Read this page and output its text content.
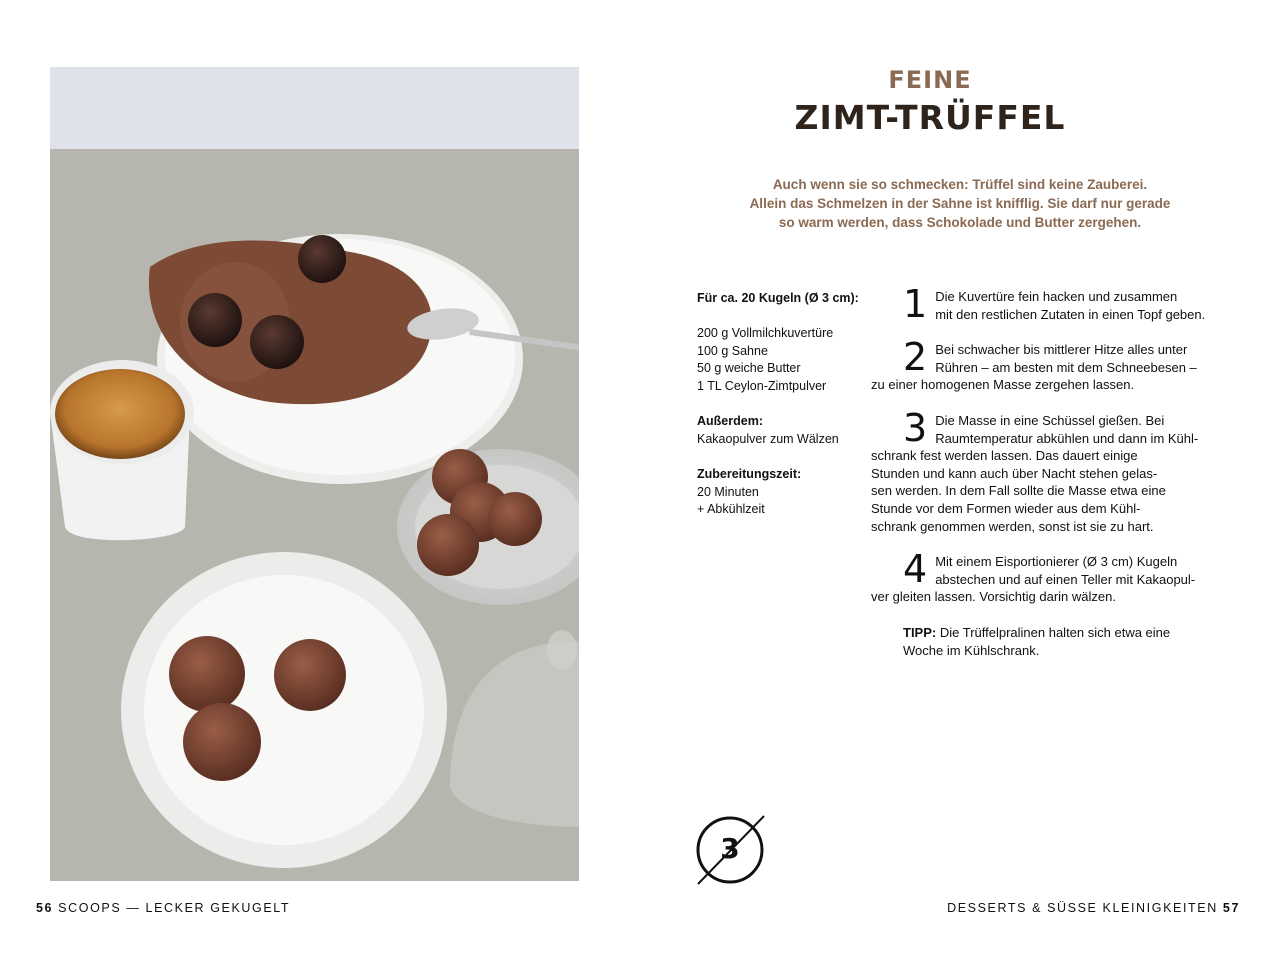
FEINE
ZIMT-TRÜFFEL
Auch wenn sie so schmecken: Trüffel sind keine Zauberei.
Allein das Schmelzen in der Sahne ist knifflig. Sie darf nur gerade
so warm werden, dass Schokolade und Butter zergehen.
Für ca. 20 Kugeln (Ø 3 cm):
200 g Vollmilchkuvertüre
100 g Sahne
50 g weiche Butter
1 TL Ceylon-Zimtpulver
Außerdem:
Kakaopulver zum Wälzen
Zubereitungszeit:
20 Minuten
+ Abkühlzeit
1 Die Kuvertüre fein hacken und zusammen
mit den restlichen Zutaten in einen Topf geben.
2 Bei schwacher bis mittlerer Hitze alles unter
Rühren – am besten mit dem Schneebesen –
zu einer homogenen Masse zergehen lassen.
3 Die Masse in eine Schüssel gießen. Bei
Raumtemperatur abkühlen und dann im Kühl-
schrank fest werden lassen. Das dauert einige
Stunden und kann auch über Nacht stehen gelas-
sen werden. In dem Fall sollte die Masse etwa eine
Stunde vor dem Formen wieder aus dem Kühl-
schrank genommen werden, sonst ist sie zu hart.
4 Mit einem Eisportionierer (Ø 3 cm) Kugeln
abstechen und auf einen Teller mit Kakaopul-
ver gleiten lassen. Vorsichtig darin wälzen.
TIPP: Die Trüffelpralinen halten sich etwa eine
Woche im Kühlschrank.
3
56 SCOOPS — LECKER GEKUGELT	DESSERTS & SÜSSE KLEINIGKEITEN 57
